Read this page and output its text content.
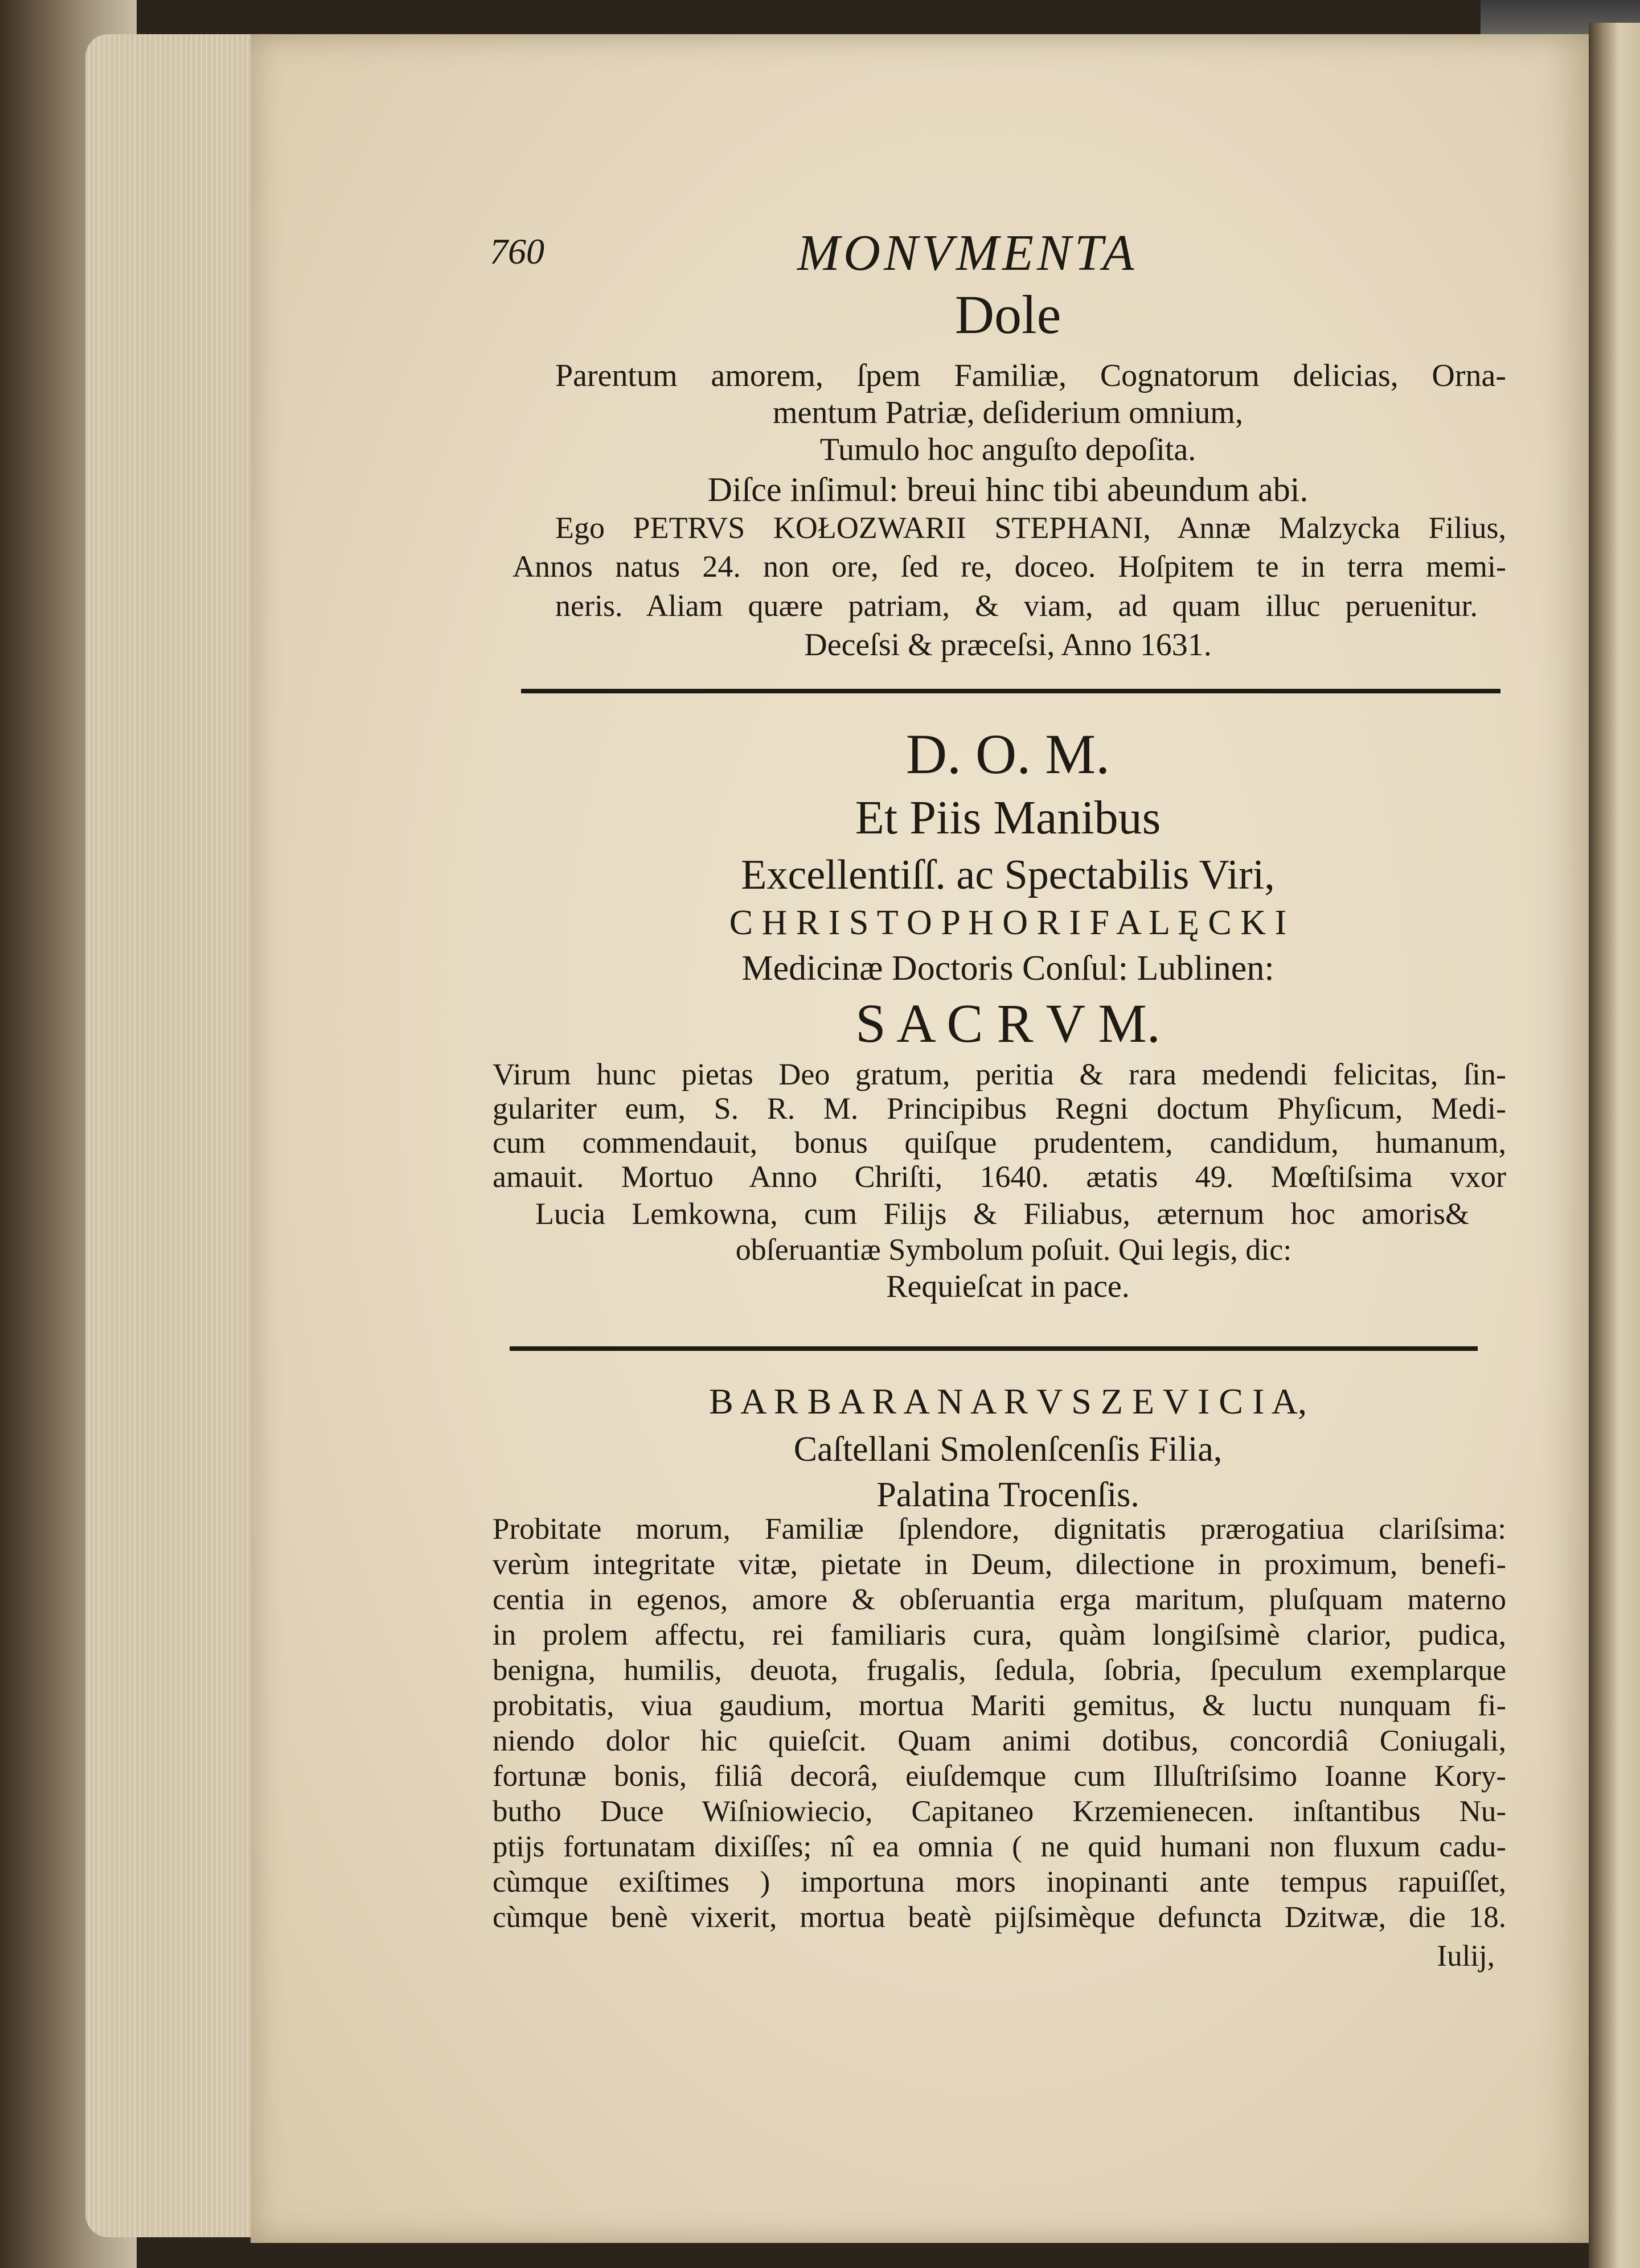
760	MONVMENTA
Dole
Parentum amorem, ſpem Familiæ, Cognatorum delicias, Orna-
mentum Patriæ, deſiderium omnium,
Tumulo hoc anguſto depoſita.
Diſce inſimul: breui hinc tibi abeundum abi.
Ego PETRVS KOŁOZWARII STEPHANI, Annæ Malzycka Filius,
Annos natus 24. non ore, ſed re, doceo. Hoſpitem te in terra memi-
neris. Aliam quære patriam, & viam, ad quam illuc peruenitur.
Deceſsi & præceſsi, Anno 1631.
D. O. M.
Et Piis Manibus
Excellentiſſ. ac Spectabilis Viri,
C H R I S T O P H O R I F A L Ę C K I
Medicinæ Doctoris Conſul: Lublinen:
S A C R V M.
Virum hunc pietas Deo gratum, peritia & rara medendi felicitas, ſin-
gulariter eum, S. R. M. Principibus Regni doctum Phyſicum, Medi-
cum commendauit, bonus quiſque prudentem, candidum, humanum,
amauit. Mortuo Anno Chriſti, 1640. ætatis 49. Mœſtiſsima vxor
Lucia Lemkowna, cum Filijs & Filiabus, æternum hoc amoris&
obſeruantiæ Symbolum poſuit. Qui legis, dic:
Requieſcat in pace.
B A R B A R A N A R V S Z E V I C I A,
Caſtellani Smolenſcenſis Filia,
Palatina Trocenſis.
Probitate morum, Familiæ ſplendore, dignitatis prærogatiua clariſsima:
verùm integritate vitæ, pietate in Deum, dilectione in proximum, benefi-
centia in egenos, amore & obſeruantia erga maritum, pluſquam materno
in prolem affectu, rei familiaris cura, quàm longiſsimè clarior, pudica,
benigna, humilis, deuota, frugalis, ſedula, ſobria, ſpeculum exemplarque
probitatis, viua gaudium, mortua Mariti gemitus, & luctu nunquam fi-
niendo dolor hic quieſcit. Quam animi dotibus, concordiâ Coniugali,
fortunæ bonis, filiâ decorâ, eiuſdemque cum Illuſtriſsimo Ioanne Kory-
butho Duce Wiſniowiecio, Capitaneo Krzemienecen. inſtantibus Nu-
ptijs fortunatam dixiſſes; nî ea omnia ( ne quid humani non fluxum cadu-
cùmque exiſtimes ) importuna mors inopinanti ante tempus rapuiſſet,
cùmque benè vixerit, mortua beatè pijſsimèque defuncta Dzitwæ, die 18.
Iulij,
